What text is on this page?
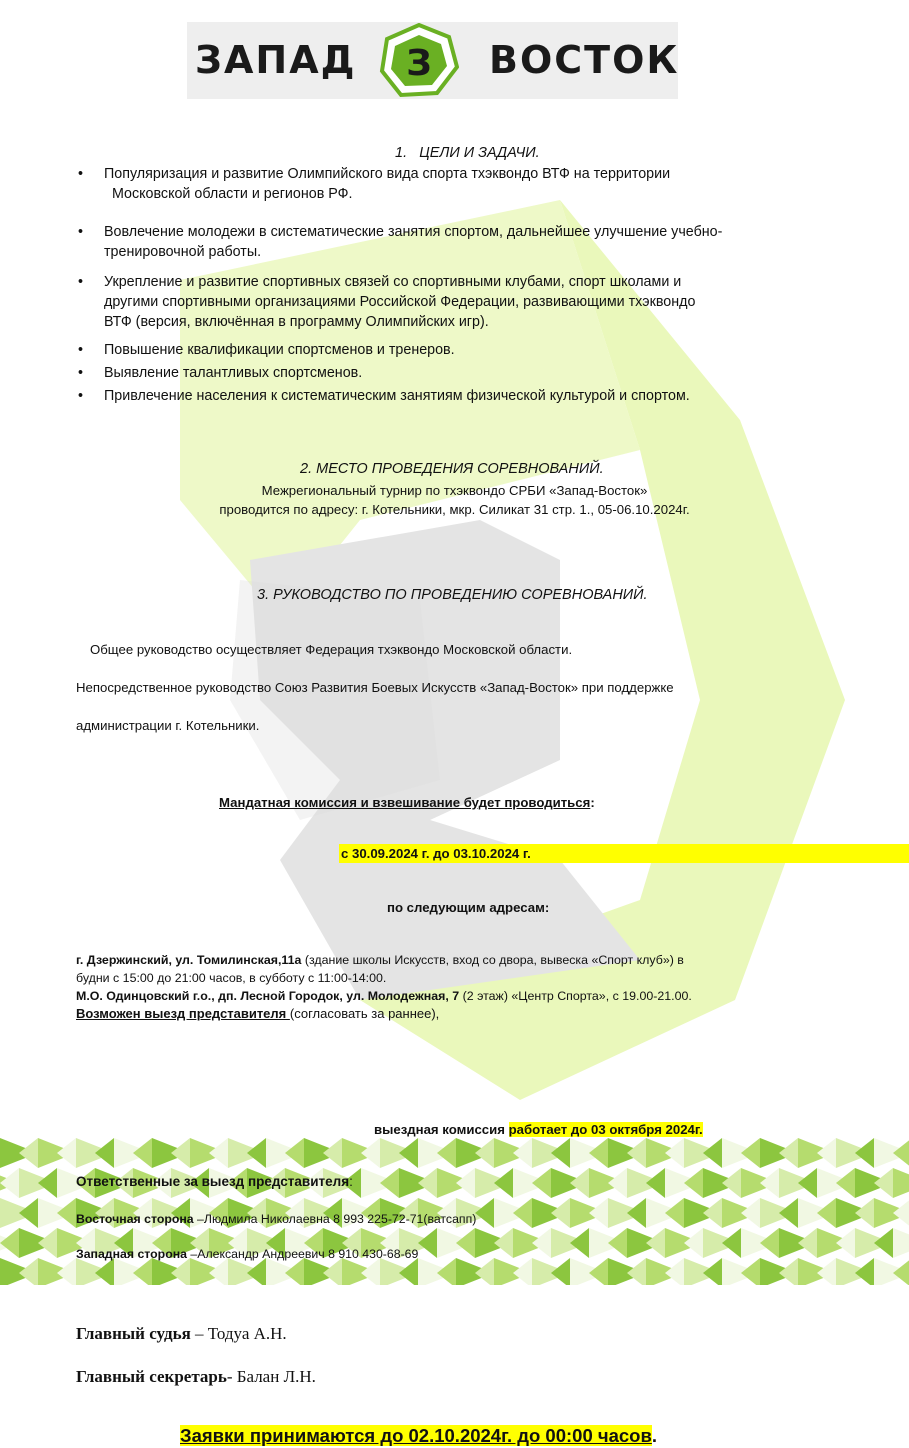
ЗАПАД З ВОСТОК
1. ЦЕЛИ И ЗАДАЧИ.
•	Популяризация и развитие Олимпийского вида спорта тхэквондо ВТФ на территории
Московской области и регионов РФ.
•	Вовлечение молодежи в систематические занятия спортом, дальнейшее улучшение учебно-
тренировочной работы.
•	Укрепление и развитие спортивных связей со спортивными клубами, спорт школами и
другими спортивными организациями Российской Федерации, развивающими тхэквондо
ВТФ (версия, включённая в программу Олимпийских игр).
•	Повышение квалификации спортсменов и тренеров.
•	Выявление талантливых спортсменов.
•	Привлечение населения к систематическим занятиям физической культурой и спортом.
2. МЕСТО ПРОВЕДЕНИЯ СОРЕВНОВАНИЙ.
Межрегиональный турнир по тхэквондо СРБИ «Запад-Восток»
проводится по адресу: г. Котельники, мкр. Силикат 31 стр. 1., 05-06.10.2024г.
3. РУКОВОДСТВО ПО ПРОВЕДЕНИЮ СОРЕВНОВАНИЙ.
Общее руководство осуществляет Федерация тхэквондо Московской области.
Непосредственное руководство Союз Развития Боевых Искусств «Запад-Восток» при поддержке
администрации г. Котельники.
Мандатная комиссия и взвешивание будет проводиться:
с 30.09.2024 г. до 03.10.2024 г.
по следующим адресам:
г. Дзержинский, ул. Томилинская,11а (здание школы Искусств, вход со двора, вывеска «Спорт клуб») в
будни с 15:00 до 21:00 часов, в субботу с 11:00-14:00.
М.О. Одинцовский г.о., дп. Лесной Городок, ул. Молодежная, 7 (2 этаж) «Центр Спорта», с 19.00-21.00.
Возможен выезд представителя (согласовать за раннее),
выездная комиссия работает до 03 октября 2024г.
Ответственные за выезд представителя:
Восточная сторона –Людмила Николаевна 8 993 225-72-71(ватсапп)
Западная сторона –Александр Андреевич 8 910 430-68-69
Главный судья – Тодуа А.Н.
Главный секретарь- Балан Л.Н.
Заявки принимаются до 02.10.2024г. до 00:00 часов.
